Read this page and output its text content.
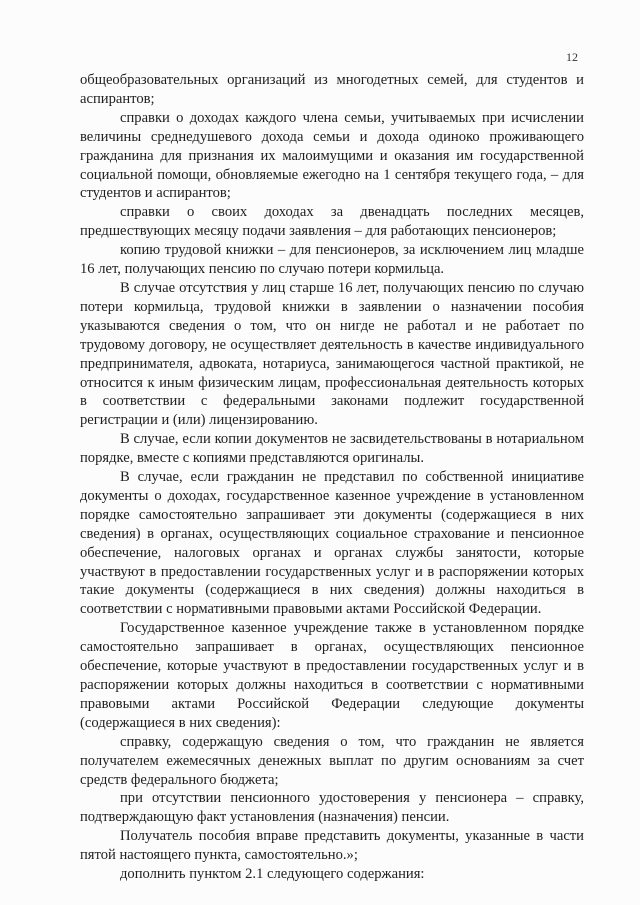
12

общеобразовательных организаций из многодетных семей, для студентов и аспирантов;

справки о доходах каждого члена семьи, учитываемых при исчислении величины среднедушевого дохода семьи и дохода одиноко проживающего гражданина для признания их малоимущими и оказания им государственной социальной помощи, обновляемые ежегодно на 1 сентября текущего года, – для студентов и аспирантов;

справки о своих доходах за двенадцать последних месяцев, предшествующих месяцу подачи заявления – для работающих пенсионеров;

копию трудовой книжки – для пенсионеров, за исключением лиц младше 16 лет, получающих пенсию по случаю потери кормильца.

В случае отсутствия у лиц старше 16 лет, получающих пенсию по случаю потери кормильца, трудовой книжки в заявлении о назначении пособия указываются сведения о том, что он нигде не работал и не работает по трудовому договору, не осуществляет деятельность в качестве индивидуального предпринимателя, адвоката, нотариуса, занимающегося частной практикой, не относится к иным физическим лицам, профессиональная деятельность которых в соответствии с федеральными законами подлежит государственной регистрации и (или) лицензированию.

В случае, если копии документов не засвидетельствованы в нотариальном порядке, вместе с копиями представляются оригиналы.

В случае, если гражданин не представил по собственной инициативе документы о доходах, государственное казенное учреждение в установленном порядке самостоятельно запрашивает эти документы (содержащиеся в них сведения) в органах, осуществляющих социальное страхование и пенсионное обеспечение, налоговых органах и органах службы занятости, которые участвуют в предоставлении государственных услуг и в распоряжении которых такие документы (содержащиеся в них сведения) должны находиться в соответствии с нормативными правовыми актами Российской Федерации.

Государственное казенное учреждение также в установленном порядке самостоятельно запрашивает в органах, осуществляющих пенсионное обеспечение, которые участвуют в предоставлении государственных услуг и в распоряжении которых должны находиться в соответствии с нормативными правовыми актами Российской Федерации следующие документы (содержащиеся в них сведения):

справку, содержащую сведения о том, что гражданин не является получателем ежемесячных денежных выплат по другим основаниям за счет средств федерального бюджета;

при отсутствии пенсионного удостоверения у пенсионера – справку, подтверждающую факт установления (назначения) пенсии.

Получатель пособия вправе представить документы, указанные в части пятой настоящего пункта, самостоятельно.»;

дополнить пунктом 2.1 следующего содержания:
